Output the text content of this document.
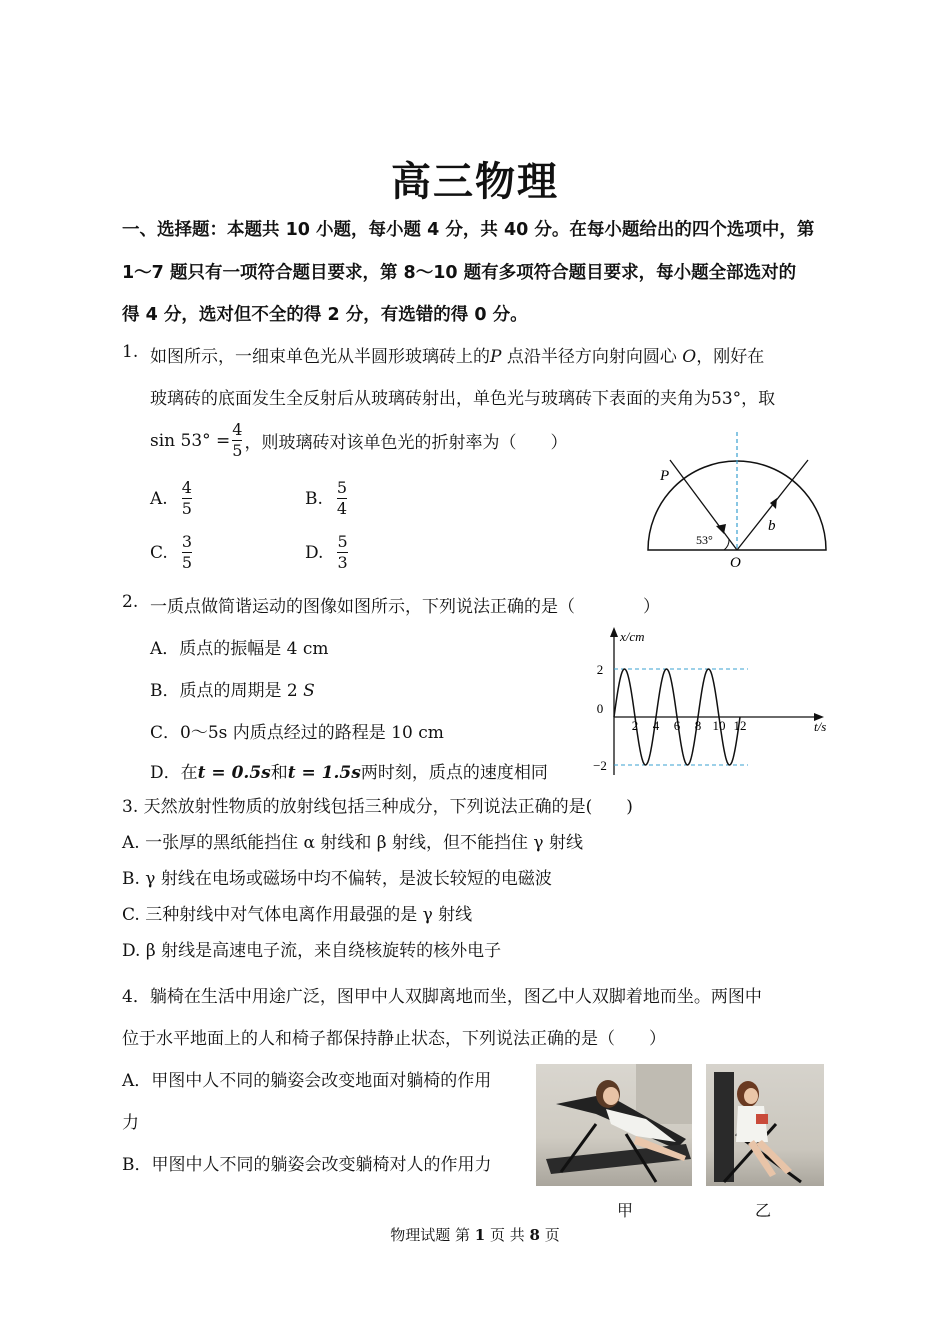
高三物理
一、选择题：本题共 10 小题，每小题 4 分，共 40 分。在每小题给出的四个选项中，第
1～7 题只有一项符合题目要求，第 8～10 题有多项符合题目要求，每小题全部选对的
得 4 分，选对但不全的得 2 分，有选错的得 0 分。
1. 如图所示，一细束单色光从半圆形玻璃砖上的P 点沿半径方向射向圆心 O，刚好在
玻璃砖的底面发生全反射后从玻璃砖射出，单色光与玻璃砖下表面的夹角为53°，取
$\sin 53^\circ = \frac{4}{5}$ ，则玻璃砖对该单色光的折射率为（　　）
A. $\frac{4}{5}$	B. $\frac{5}{4}$
C. $\frac{3}{5}$	D. $\frac{5}{3}$
P
O
b
53°
2. 一质点做简谐运动的图像如图所示，下列说法正确的是（　　　　）
A．质点的振幅是 4 cm
B．质点的周期是 2 S
C．0～5s 内质点经过的路程是 10 cm
D．在t = 0.5s和t = 1.5s两时刻，质点的速度相同
x/cm
t/s
2
0
−2
2 4 6 8 10 12
3. 天然放射性物质的放射线包括三种成分，下列说法正确的是(　　)
A. 一张厚的黑纸能挡住 α 射线和 β 射线，但不能挡住 γ 射线
B. γ 射线在电场或磁场中均不偏转，是波长较短的电磁波
C. 三种射线中对气体电离作用最强的是 γ 射线
D. β 射线是高速电子流，来自绕核旋转的核外电子
4．躺椅在生活中用途广泛，图甲中人双脚离地而坐，图乙中人双脚着地而坐。两图中
位于水平地面上的人和椅子都保持静止状态，下列说法正确的是（　　）
A．甲图中人不同的躺姿会改变地面对躺椅的作用
力
B．甲图中人不同的躺姿会改变躺椅对人的作用力
甲	乙
物理试题 第 1 页 共 8 页
